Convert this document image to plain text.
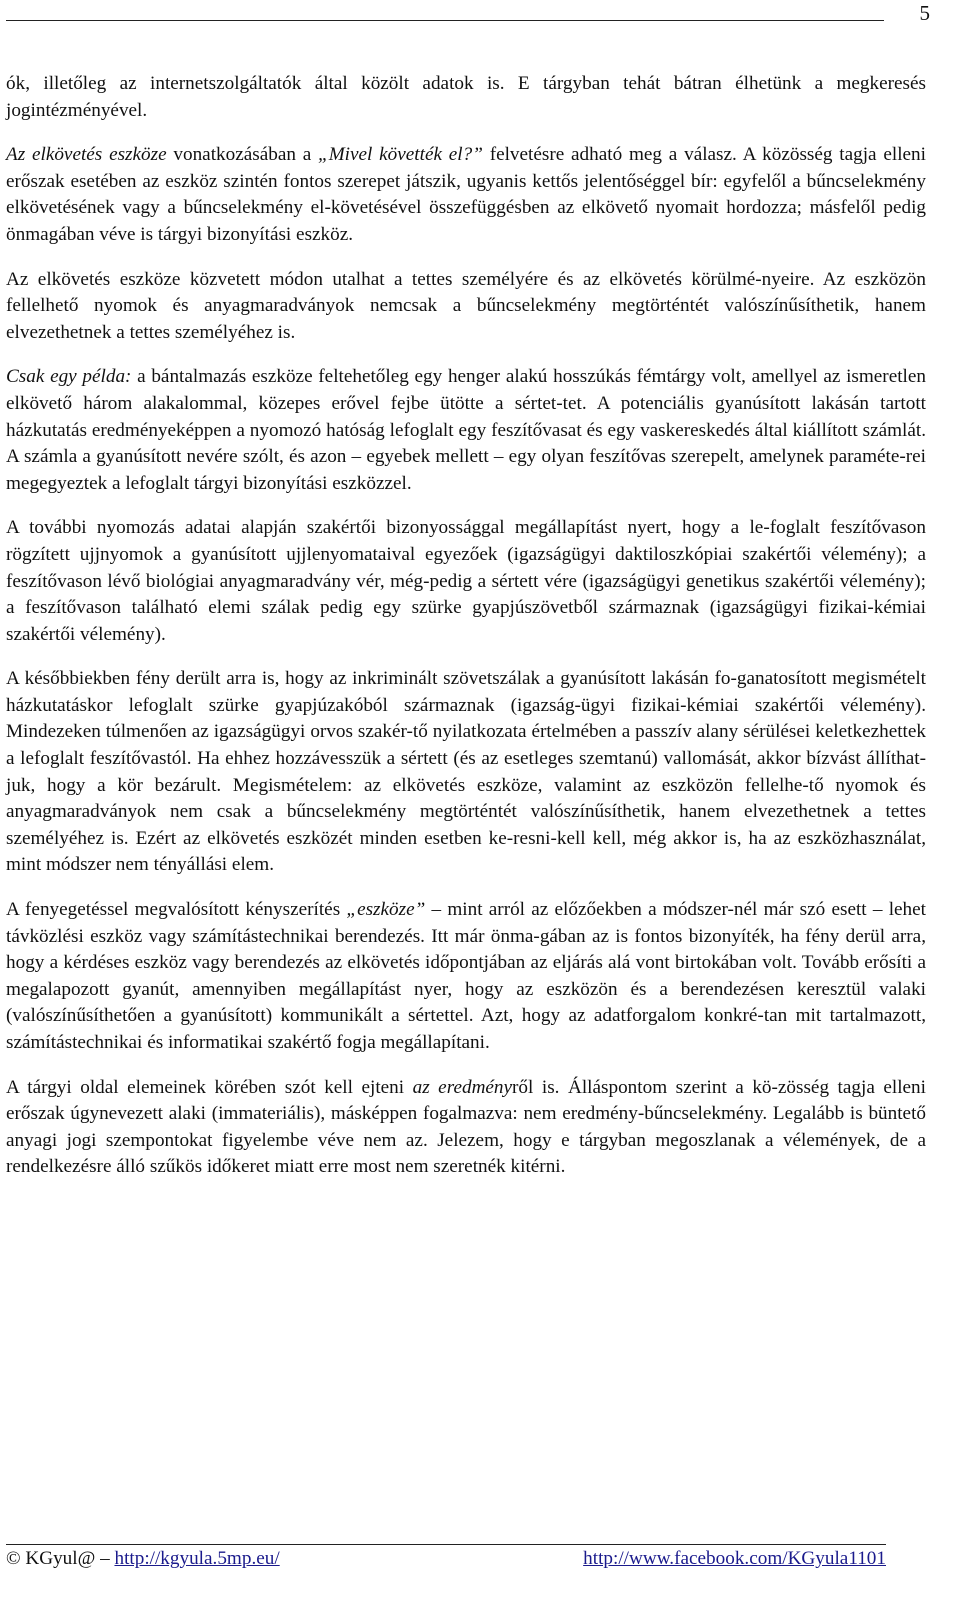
5

ók, illetőleg az internetszolgáltatók által közölt adatok is. E tárgyban tehát bátran élhetünk a megkeresés jogintézményével.

Az elkövetés eszköze vonatkozásában a „Mivel követték el?” felvetésre adható meg a válasz. A közösség tagja elleni erőszak esetében az eszköz szintén fontos szerepet játszik, ugyanis kettős jelentőséggel bír: egyfelől a bűncselekmény elkövetésének vagy a bűncselekmény el-követésével összefüggésben az elkövető nyomait hordozza; másfelől pedig önmagában véve is tárgyi bizonyítási eszköz.

Az elkövetés eszköze közvetett módon utalhat a tettes személyére és az elkövetés körülmé-nyeire. Az eszközön fellelhető nyomok és anyagmaradványok nemcsak a bűncselekmény megtörténtét valószínűsíthetik, hanem elvezethetnek a tettes személyéhez is.

Csak egy példa: a bántalmazás eszköze feltehetőleg egy henger alakú hosszúkás fémtárgy volt, amellyel az ismeretlen elkövető három alakalommal, közepes erővel fejbe ütötte a sértet-tet. A potenciális gyanúsított lakásán tartott házkutatás eredményeképpen a nyomozó hatóság lefoglalt egy feszítővasat és egy vaskereskedés által kiállított számlát. A számla a gyanúsított nevére szólt, és azon – egyebek mellett – egy olyan feszítővas szerepelt, amelynek paraméte-rei megegyeztek a lefoglalt tárgyi bizonyítási eszközzel.

A további nyomozás adatai alapján szakértői bizonyossággal megállapítást nyert, hogy a le-foglalt feszítővason rögzített ujjnyomok a gyanúsított ujjlenyomataival egyezőek (igazságügyi daktiloszkópiai szakértői vélemény); a feszítővason lévő biológiai anyagmaradvány vér, még-pedig a sértett vére (igazságügyi genetikus szakértői vélemény); a feszítővason található elemi szálak pedig egy szürke gyapjúszövetből származnak (igazságügyi fizikai-kémiai szakértői vélemény).

A későbbiekben fény derült arra is, hogy az inkriminált szövetszálak a gyanúsított lakásán fo-ganatosított megismételt házkutatáskor lefoglalt szürke gyapjúzakóból származnak (igazság-ügyi fizikai-kémiai szakértői vélemény). Mindezeken túlmenően az igazságügyi orvos szakér-tő nyilatkozata értelmében a passzív alany sérülései keletkezhettek a lefoglalt feszítővastól. Ha ehhez hozzávesszük a sértett (és az esetleges szemtanú) vallomását, akkor bízvást állíthat-juk, hogy a kör bezárult. Megismételem: az elkövetés eszköze, valamint az eszközön fellelhe-tő nyomok és anyagmaradványok nem csak a bűncselekmény megtörténtét valószínűsíthetik, hanem elvezethetnek a tettes személyéhez is. Ezért az elkövetés eszközét minden esetben ke-resni-kell kell, még akkor is, ha az eszközhasználat, mint módszer nem tényállási elem.

A fenyegetéssel megvalósított kényszerítés „eszköze” – mint arról az előzőekben a módszer-nél már szó esett – lehet távközlési eszköz vagy számítástechnikai berendezés. Itt már önma-gában az is fontos bizonyíték, ha fény derül arra, hogy a kérdéses eszköz vagy berendezés az elkövetés időpontjában az eljárás alá vont birtokában volt. Tovább erősíti a megalapozott gyanút, amennyiben megállapítást nyer, hogy az eszközön és a berendezésen keresztül valaki (valószínűsíthetően a gyanúsított) kommunikált a sértettel. Azt, hogy az adatforgalom konkré-tan mit tartalmazott, számítástechnikai és informatikai szakértő fogja megállapítani.

A tárgyi oldal elemeinek körében szót kell ejteni az eredményről is. Álláspontom szerint a kö-zösség tagja elleni erőszak úgynevezett alaki (immateriális), másképpen fogalmazva: nem eredmény-bűncselekmény. Legalább is büntető anyagi jogi szempontokat figyelembe véve nem az. Jelezem, hogy e tárgyban megoszlanak a vélemények, de a rendelkezésre álló szűkös időkeret miatt erre most nem szeretnék kitérni.

© KGyul@ – http://kgyula.5mp.eu/	http://www.facebook.com/KGyula1101
